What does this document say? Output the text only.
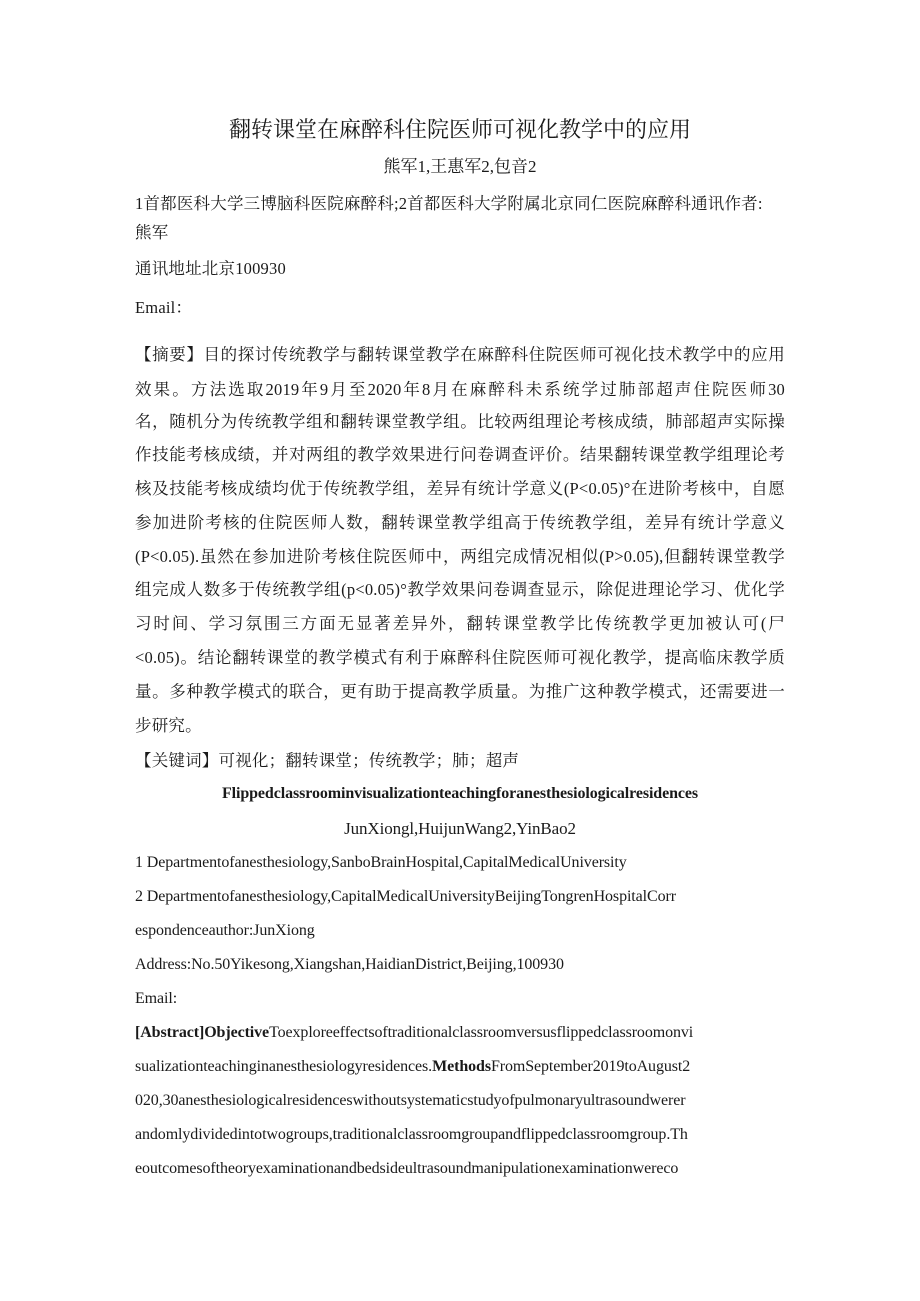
翻转课堂在麻醉科住院医师可视化教学中的应用
熊军1,王惠军2,包音2
1首都医科大学三博脑科医院麻醉科;2首都医科大学附属北京同仁医院麻醉科通讯作者:
熊军
通讯地址北京100930
Email：
【摘要】目的探讨传统教学与翻转课堂教学在麻醉科住院医师可视化技术教学中的应用
效果。方法选取2019年9月至2020年8月在麻醉科未系统学过肺部超声住院医师30
名，随机分为传统教学组和翻转课堂教学组。比较两组理论考核成绩，肺部超声实际操
作技能考核成绩，并对两组的教学效果进行问卷调查评价。结果翻转课堂教学组理论考
核及技能考核成绩均优于传统教学组，差异有统计学意义(P<0.05)°在进阶考核中，自愿
参加进阶考核的住院医师人数，翻转课堂教学组高于传统教学组，差异有统计学意义
(P<0.05).虽然在参加进阶考核住院医师中，两组完成情况相似(P>0.05),但翻转课堂教学
组完成人数多于传统教学组(p<0.05)°教学效果问卷调查显示，除促进理论学习、优化学
习时间、学习氛围三方面无显著差异外，翻转课堂教学比传统教学更加被认可(尸
<0.05)。结论翻转课堂的教学模式有利于麻醉科住院医师可视化教学，提高临床教学质
量。多种教学模式的联合，更有助于提高教学质量。为推广这种教学模式，还需要进一
步研究。
【关键词】可视化；翻转课堂；传统教学；肺；超声
Flippedclassroominvisualizationteachingforanesthesiologicalresidences
JunXiongl,HuijunWang2,YinBao2
1 Departmentofanesthesiology,SanboBrainHospital,CapitalMedicalUniversity
2 Departmentofanesthesiology,CapitalMedicalUniversityBeijingTongrenHospitalCorr
espondenceauthor:JunXiong
Address:No.50Yikesong,Xiangshan,HaidianDistrict,Beijing,100930
Email:
[Abstract]ObjectiveToexploreeffectsoftraditionalclassroomversusflippedclassroomonvi
sualizationteachinginanesthesiologyresidences.MethodsFromSeptember2019toAugust2
020,30anesthesiologicalresidenceswithoutsystematicstudyofpulmonaryultrasoundwerer
andomlydividedintotwogroups,traditionalclassroomgroupandflippedclassroomgroup.Th
eoutcomesoftheoryexaminationandbedsideultrasoundmanipulationexaminationwereco
